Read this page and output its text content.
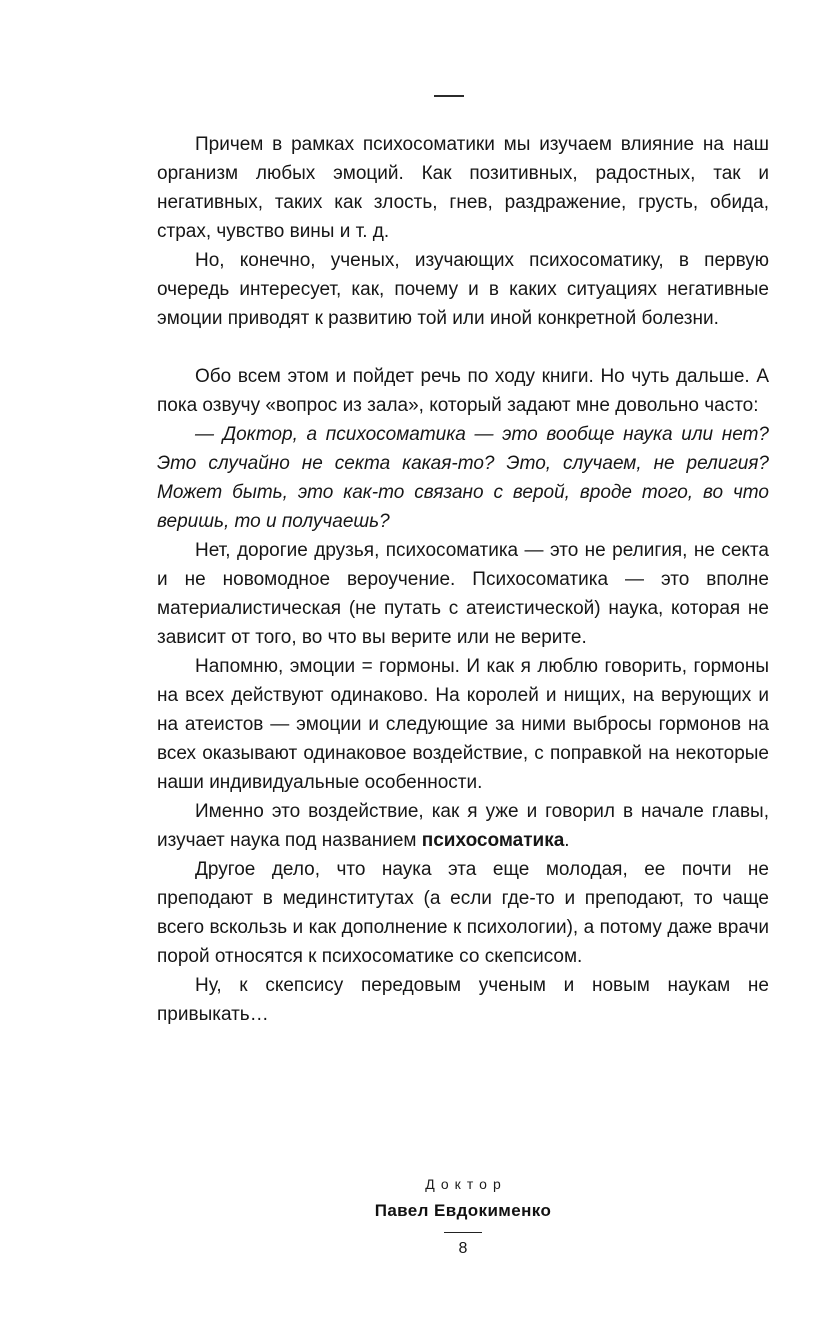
Причем в рамках психосоматики мы изучаем влияние на наш организм любых эмоций. Как позитивных, радостных, так и негативных, таких как злость, гнев, раздражение, грусть, обида, страх, чувство вины и т. д.

Но, конечно, ученых, изучающих психосоматику, в первую очередь интересует, как, почему и в каких ситуациях негативные эмоции приводят к развитию той или иной конкретной болезни.

Обо всем этом и пойдет речь по ходу книги. Но чуть дальше. А пока озвучу «вопрос из зала», который задают мне довольно часто:

— Доктор, а психосоматика — это вообще наука или нет? Это случайно не секта какая-то? Это, случаем, не религия? Может быть, это как-то связано с верой, вроде того, во что веришь, то и получаешь?

Нет, дорогие друзья, психосоматика — это не религия, не секта и не новомодное вероучение. Психосоматика — это вполне материалистическая (не путать с атеистической) наука, которая не зависит от того, во что вы верите или не верите.

Напомню, эмоции = гормоны. И как я люблю говорить, гормоны на всех действуют одинаково. На королей и нищих, на верующих и на атеистов — эмоции и следующие за ними выбросы гормонов на всех оказывают одинаковое воздействие, с поправкой на некоторые наши индивидуальные особенности.

Именно это воздействие, как я уже и говорил в начале главы, изучает наука под названием психосоматика.

Другое дело, что наука эта еще молодая, ее почти не преподают в мединститутах (а если где-то и преподают, то чаще всего вскользь и как дополнение к психологии), а потому даже врачи порой относятся к психосоматике со скепсисом.

Ну, к скепсису передовым ученым и новым наукам не привыкать…

Доктор
Павел Евдокименко
8
